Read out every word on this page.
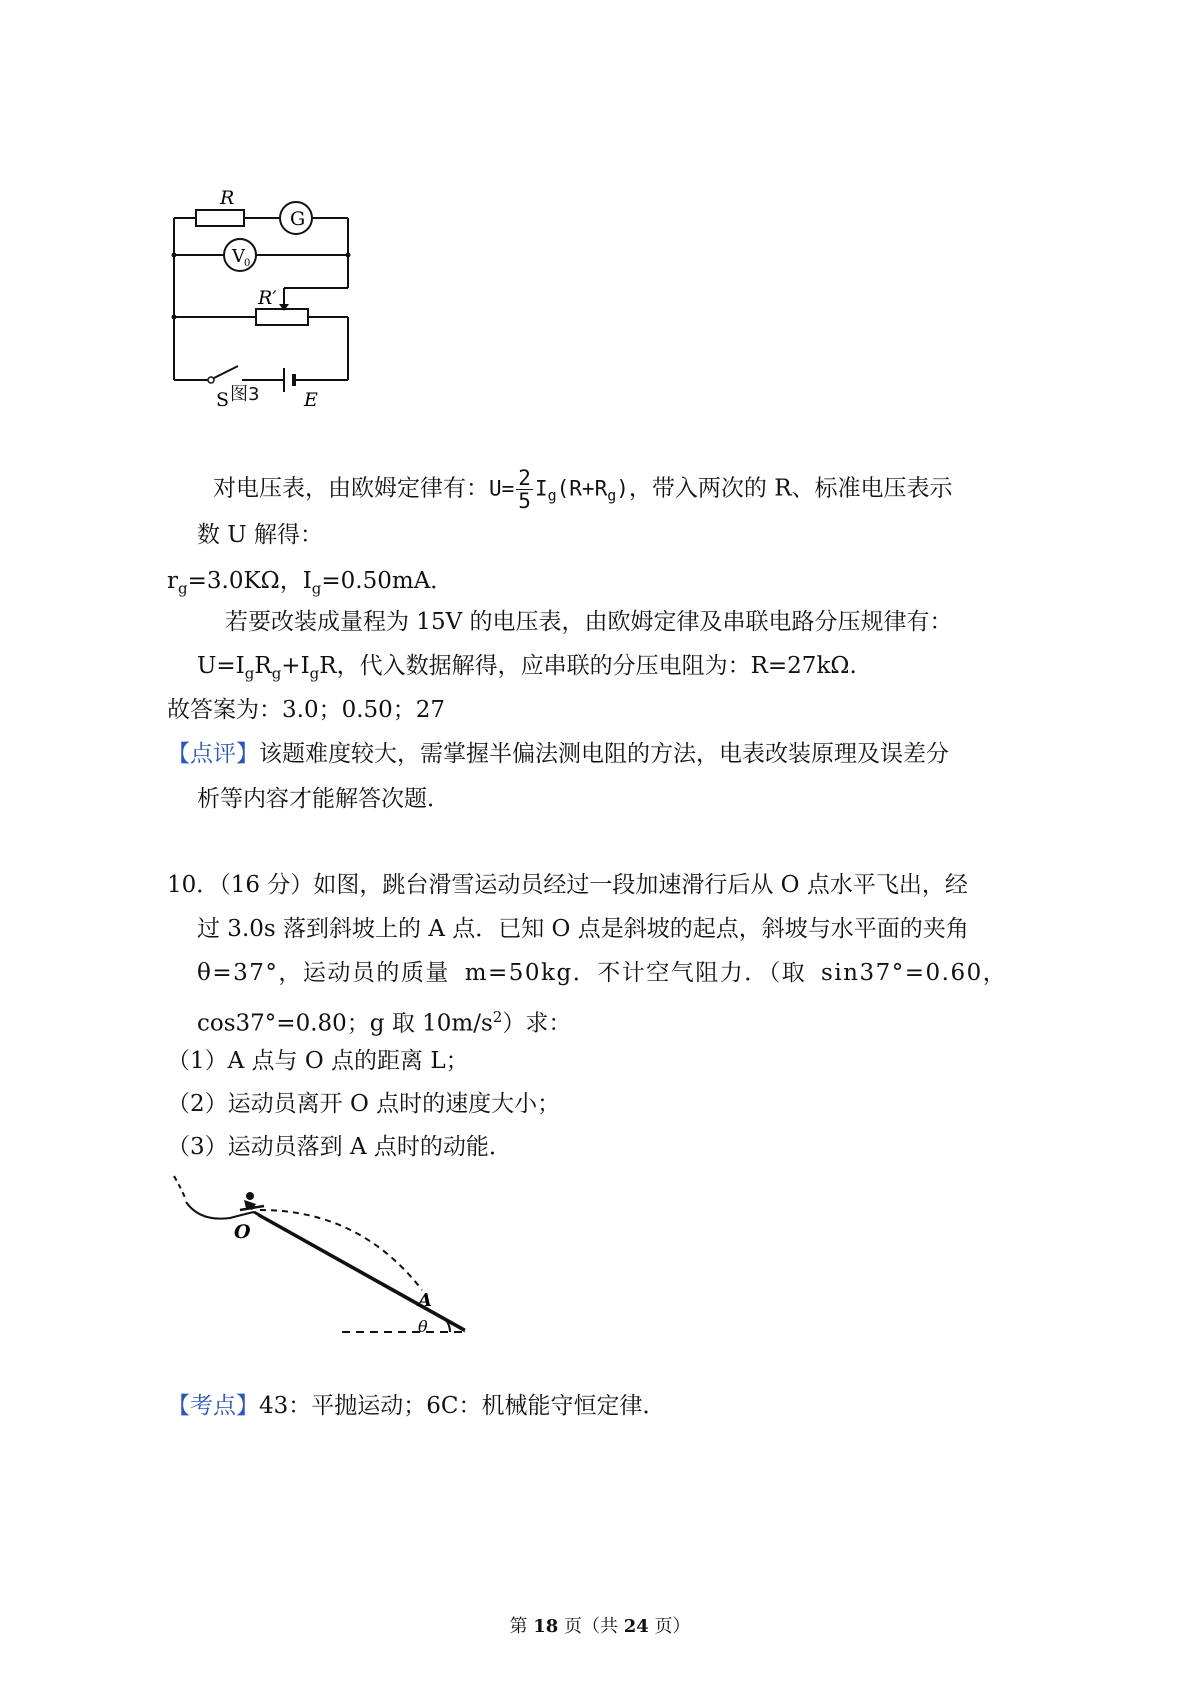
R
G
V 0
R′
S	E
图3
对电压表，由欧姆定律有：$U= \frac{2}{5} I_g(R+R_g)$，带入两次的 R、标准电压表示
数 U 解得：
$r_g=3.0K\Omega$，$I_g=0.50mA$．
若要改装成量程为 15V 的电压表，由欧姆定律及串联电路分压规律有：
$U=I_gR_g+I_gR$，代入数据解得，应串联的分压电阻为：R=27kΩ.
故答案为：3.0；0.50；27
【点评】该题难度较大，需掌握半偏法测电阻的方法，电表改装原理及误差分
析等内容才能解答次题．
10．（16 分）如图，跳台滑雪运动员经过一段加速滑行后从 O 点水平飞出，经
过 3.0s 落到斜坡上的 A 点．已知 O 点是斜坡的起点，斜坡与水平面的夹角
θ=37°，运动员的质量 m=50kg．不计空气阻力．（取 sin37°=0.60，
cos37°=0.80；g 取 $10m/s^2$）求：
（1）A 点与 O 点的距离 L；
（2）运动员离开 O 点时的速度大小；
（3）运动员落到 A 点时的动能．
O
A
θ
【考点】43：平抛运动；6C：机械能守恒定律．
第 18 页（共 24 页）
